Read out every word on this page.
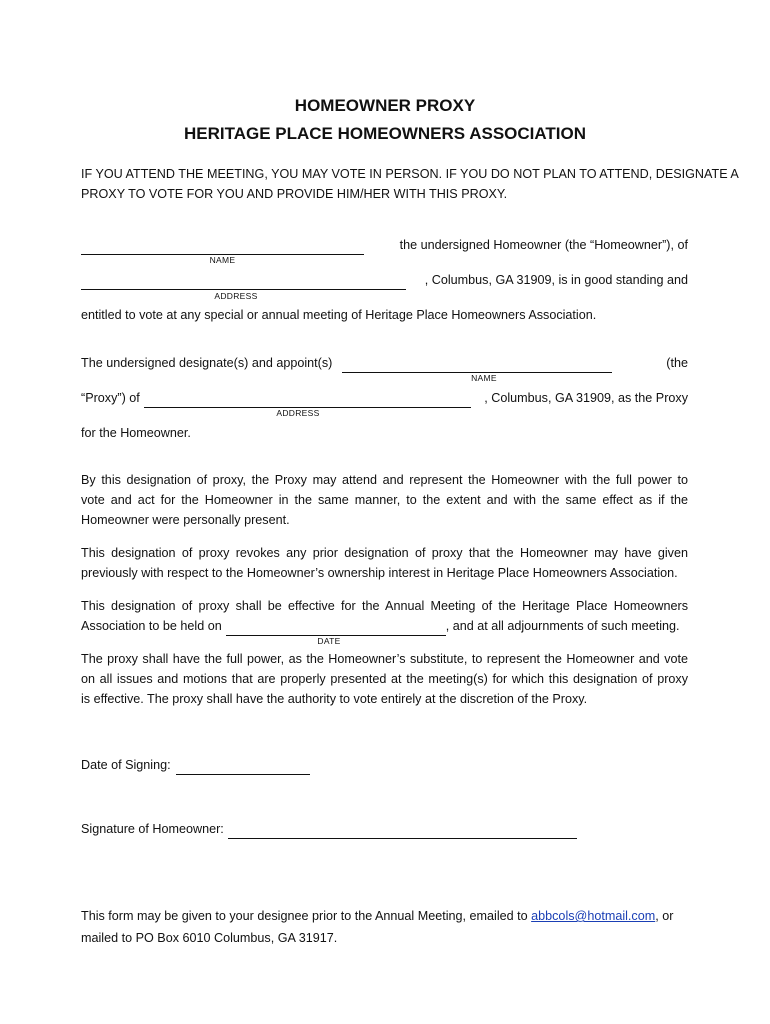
HOMEOWNER PROXY
HERITAGE PLACE HOMEOWNERS ASSOCIATION
IF YOU ATTEND THE MEETING, YOU MAY VOTE IN PERSON. IF YOU DO NOT PLAN TO ATTEND, DESIGNATE A
PROXY TO VOTE FOR YOU AND PROVIDE HIM/HER WITH THIS PROXY.
the undersigned Homeowner (the “Homeowner”), of
NAME
, Columbus, GA 31909, is in good standing and
ADDRESS
entitled to vote at any special or annual meeting of Heritage Place Homeowners Association.
The undersigned designate(s) and appoint(s)	(the
NAME
“Proxy”) of	, Columbus, GA 31909, as the Proxy
ADDRESS
for the Homeowner.
By this designation of proxy, the Proxy may attend and represent the Homeowner with the full power to
vote and act for the Homeowner in the same manner, to the extent and with the same effect as if the
Homeowner were personally present.
This designation of proxy revokes any prior designation of proxy that the Homeowner may have given
previously with respect to the Homeowner’s ownership interest in Heritage Place Homeowners Association.
This designation of proxy shall be effective for the Annual Meeting of the Heritage Place Homeowners
Association to be held on	, and at all adjournments of such meeting.
DATE
The proxy shall have the full power, as the Homeowner’s substitute, to represent the Homeowner and vote
on all issues and motions that are properly presented at the meeting(s) for which this designation of proxy
is effective. The proxy shall have the authority to vote entirely at the discretion of the Proxy.
Date of Signing:
Signature of Homeowner:
This form may be given to your designee prior to the Annual Meeting, emailed to abbcols@hotmail.com, or
mailed to PO Box 6010 Columbus, GA 31917.
